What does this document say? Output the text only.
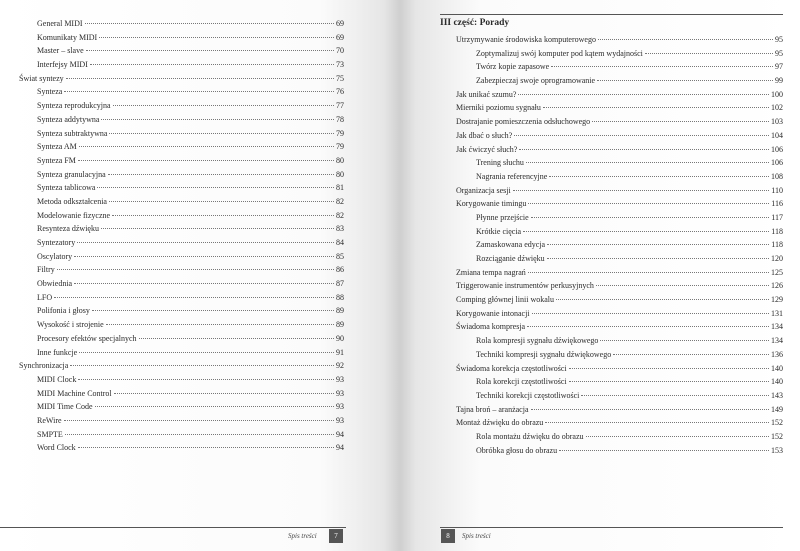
General MIDI	69
Komunikaty MIDI	69
Master – slave	70
Interfejsy MIDI	73
Świat syntezy	75
Synteza	76
Synteza reprodukcyjna	77
Synteza addytywna	78
Synteza subtraktywna	79
Synteza AM	79
Synteza FM	80
Synteza granulacyjna	80
Synteza tablicowa	81
Metoda odkształcenia	82
Modelowanie fizyczne	82
Resynteza dźwięku	83
Syntezatory	84
Oscylatory	85
Filtry	86
Obwiednia	87
LFO	88
Polifonia i głosy	89
Wysokość i strojenie	89
Procesory efektów specjalnych	90
Inne funkcje	91
Synchronizacja	92
MIDI Clock	93
MIDI Machine Control	93
MIDI Time Code	93
ReWire	93
SMPTE	94
Word Clock	94
Spis treści	7
III część: Porady
Utrzymywanie środowiska komputerowego	95
Zoptymalizuj swój komputer pod kątem wydajności	95
Twórz kopie zapasowe	97
Zabezpieczaj swoje oprogramowanie	99
Jak unikać szumu?	100
Mierniki poziomu sygnału	102
Dostrajanie pomieszczenia odsłuchowego	103
Jak dbać o słuch?	104
Jak ćwiczyć słuch?	106
Trening słuchu	106
Nagrania referencyjne	108
Organizacja sesji	110
Korygowanie timingu	116
Płynne przejście	117
Krótkie cięcia	118
Zamaskowana edycja	118
Rozciąganie dźwięku	120
Zmiana tempa nagrań	125
Triggerowanie instrumentów perkusyjnych	126
Comping głównej linii wokalu	129
Korygowanie intonacji	131
Świadoma kompresja	134
Rola kompresji sygnału dźwiękowego	134
Techniki kompresji sygnału dźwiękowego	136
Świadoma korekcja częstotliwości	140
Rola korekcji częstotliwości	140
Techniki korekcji częstotliwości	143
Tajna broń – aranżacja	149
Montaż dźwięku do obrazu	152
Rola montażu dźwięku do obrazu	152
Obróbka głosu do obrazu	153
8	Spis treści
